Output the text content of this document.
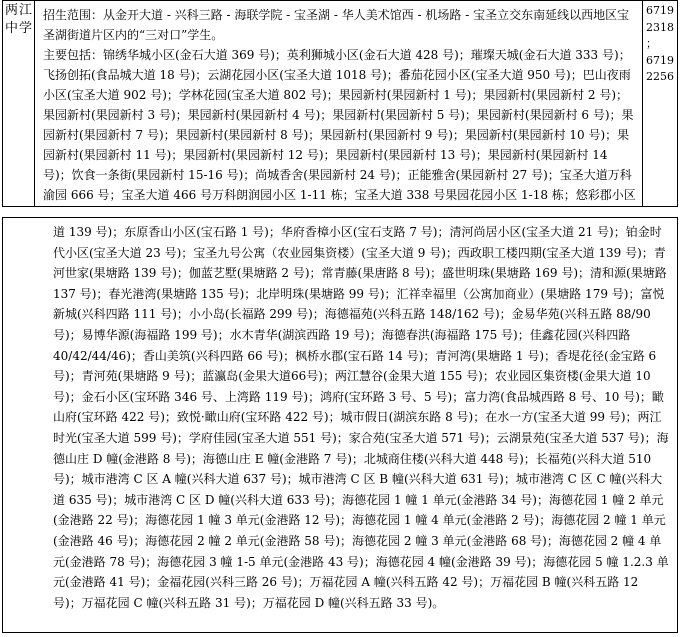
两江
中学

招生范围：从金开大道 - 兴科三路 - 海联学院 - 宝圣湖 - 华人美术馆西 - 机场路 - 宝圣立交东南延线以西地区宝圣湖街道片区内的“三对口”学生。

主要包括：锦绣华城小区(金石大道 369 号)；英利狮城小区(金石大道 428 号)；璀璨天城(金石大道 333 号)；飞扬创拓(食品城大道 18 号)；云湖花园小区(宝圣大道 1018 号)；番茄花园小区(宝圣大道 950 号)；巴山夜雨小区(宝圣大道 902 号)；学林花园(宝圣大道 802 号)；果园新村(果园新村 1 号)；果园新村(果园新村 2 号)；果园新村(果园新村 3 号)；果园新村(果园新村 4 号)；果园新村(果园新村 5 号)；果园新村(果园新村 6 号)；果园新村(果园新村 7 号)；果园新村(果园新村 8 号)；果园新村(果园新村 9 号)；果园新村(果园新村 10 号)；果园新村(果园新村 11 号)；果园新村(果园新村 12 号)；果园新村(果园新村 13 号)；果园新村(果园新村 14 号)；饮食一条街(果园新村 15-16 号)；尚城香舍(果园新村 24 号)；正能雅舍(果园新村 27 号)；宝圣大道万科渝园 666 号；宝圣大道 466 号万科朗润园小区 1-11 栋；宝圣大道 338 号果园花园小区 1-18 栋；悠彩郡小区

6719
2318
；
6719
2256
道 139 号)；东原香山小区(宝石路 1 号)；华府香樟小区(宝石支路 7 号)；清河尚居小区(宝圣大道 21 号)；铂金时代小区(宝圣大道 23 号)；宝圣九号公寓（农业园集资楼）(宝圣大道 9 号)；西政职工楼四期(宝圣大道 139 号)；青河世家(果塘路 139 号)；伽蓝艺墅(果塘路 2 号)；常青藤(果唐路 8 号)；盛世明珠(果塘路 169 号)；清和源(果塘路 137 号)；春光港湾(果塘路 135 号)；北岸明珠(果塘路 99 号)；汇祥幸福里（公寓加商业）(果塘路 179 号)；富悦新城(兴科四路 111 号)；小小岛(长福路 299 号)；海德福苑(兴科五路 148/162 号)；金易华苑(兴科五路 88/90 号)；易博华源(海福路 199 号)；水木青华(湖滨西路 19 号)；海德春洪(海福路 175 号)；佳鑫花园(兴科四路 40/42/44/46)；香山美筑(兴科四路 66 号)；枫桥水郡(宝石路 14 号)；青河湾(果塘路 1 号)；香堤花径(金宝路 6 号)；青河苑(果塘路 9 号)；蓝瀛岛(金果大道66号)；两江慧谷(金果大道 155 号)；农业园区集资楼(金果大道 10 号)；金石小区(宝环路 346 号、上湾路 119 号)；鸿府(宝环路 3 号、5 号)；富力湾(食品城西路 8 号、10 号)；瞰山府(宝环路 422 号)；致悦·瞰山府(宝环路 422 号)；城市假日(湖滨东路 8 号)；在水一方(宝圣大道 99 号)；两江时光(宝圣大道 599 号)；学府佳园(宝圣大道 551 号)；家合苑(宝圣大道 571 号)；云湖景苑(宝圣大道 537 号)；海德山庄 D 幢(金港路 8 号)；海德山庄 E 幢(金港路 7 号)；北城商住楼(兴科大道 448 号)；长福苑(兴科大道 510 号)；城市港湾 C 区 A 幢(兴科大道 637 号)；城市港湾 C 区 B 幢(兴科大道 631 号)；城市港湾 C 区 C 幢(兴科大道 635 号)；城市港湾 C 区 D 幢(兴科大道 633 号)；海德花园 1 幢 1 单元(金港路 34 号)；海德花园 1 幢 2 单元(金港路 22 号)；海德花园 1 幢 3 单元(金港路 12 号)；海德花园 1 幢 4 单元(金港路 2 号)；海德花园 2 幢 1 单元(金港路 46 号)；海德花园 2 幢 2 单元(金港路 58 号)；海德花园 2 幢 3 单元(金港路 68 号)；海德花园 2 幢 4 单元(金港路 78 号)；海德花园 3 幢 1-5 单元(金港路 43 号)；海德花园 4 幢(金港路 39 号)；海德花园 5 幢 1.2.3 单元(金港路 41 号)；金福花园(兴科三路 26 号)；万福花园 A 幢(兴科五路 42 号)；万福花园 B 幢(兴科五路 12 号)；万福花园 C 幢(兴科五路 31 号)；万福花园 D 幢(兴科五路 33 号)。
